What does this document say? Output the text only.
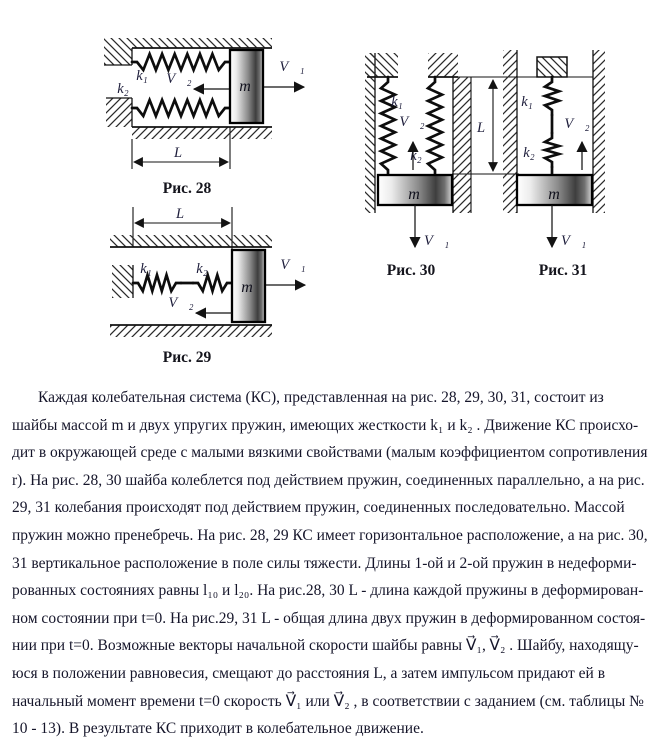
m
V⃗₁
V⃗₂
k₁
k₂
L
Рис. 28
L
k₁	k₂
m
V⃗₁
V⃗₂
Рис. 29
k₁
k₂
V⃗₂
m
V⃗₁
Рис. 30
L
k₁
k₂
V⃗₂
m
V⃗₁
Рис. 31
Каждая колебательная система (КС), представленная на рис. 28, 29, 30, 31, состоит из
шайбы массой m и двух упругих пружин, имеющих жесткости k₁ и k₂ . Движение КС происхо-
дит в окружающей среде с малыми вязкими свойствами (малым коэффициентом сопротивления
r). На рис. 28, 30 шайба колеблется под действием пружин, соединенных параллельно, а на рис.
29, 31 колебания происходят под действием пружин, соединенных последовательно. Массой
пружин можно пренебречь. На рис. 28, 29 КС имеет горизонтальное расположение, а на рис. 30,
31 вертикальное расположение в поле силы тяжести. Длины 1-ой и 2-ой пружин в недеформи-
рованных состояниях равны l₁₀ и l₂₀. На рис.28, 30 L - длина каждой пружины в деформирован-
ном состоянии при t=0. На рис.29, 31 L - общая длина двух пружин в деформированном состоя-
нии при t=0. Возможные векторы начальной скорости шайбы равны V⃗₁, V⃗₂ . Шайбу, находящу-
юся в положении равновесия, смещают до расстояния L, а затем импульсом придают ей в
начальный момент времени t=0 скорость V⃗₁ или V⃗₂ , в соответствии с заданием (см. таблицы №
10 - 13). В результате КС приходит в колебательное движение.
